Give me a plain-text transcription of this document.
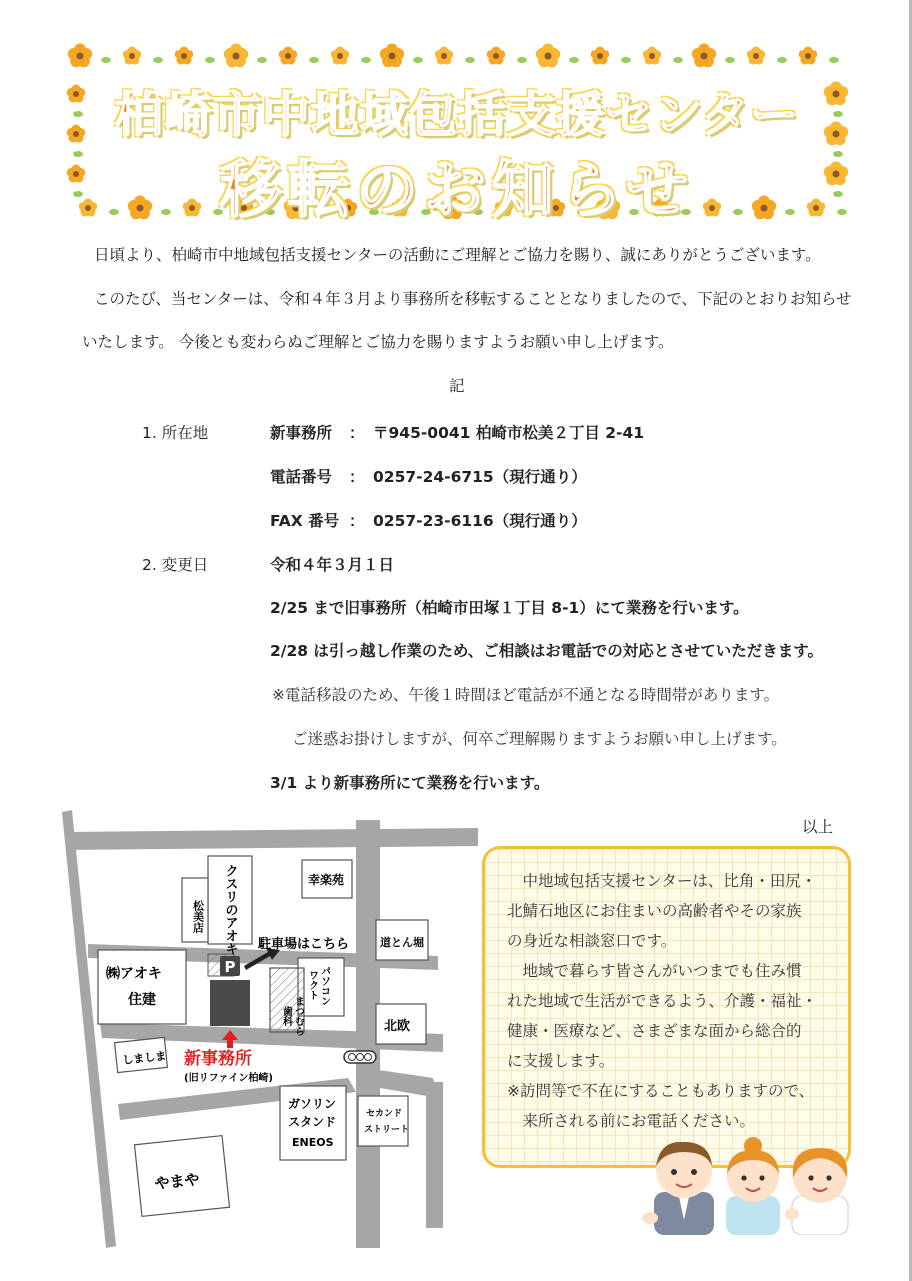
柏崎市中地域包括支援センター
移転のお知らせ
日頃より、柏崎市中地域包括支援センターの活動にご理解とご協力を賜り、誠にありがとうございます。
このたび、当センターは、令和４年３月より事務所を移転することとなりましたので、下記のとおりお知らせ
いたします。 今後とも変わらぬご理解とご協力を賜りますようお願い申し上げます。
記
1. 所在地	新事務所 ： 〒945-0041 柏崎市松美２丁目 2-41
電話番号 ： 0257-24-6715（現行通り）
FAX 番号 ： 0257-23-6116（現行通り）
2. 変更日	令和４年３月１日
2/25 まで旧事務所（柏崎市田塚１丁目 8-1）にて業務を行います。
2/28 は引っ越し作業のため、ご相談はお電話での対応とさせていただきます。
※電話移設のため、午後１時間ほど電話が不通となる時間帯があります。
ご迷惑お掛けしますが、何卒ご理解賜りますようお願い申し上げます。
3/1 より新事務所にて業務を行います。
以上
P
クスリのアオキ
松美店
幸楽苑
駐車場はこちら	道とん堀
㈱アオキ
住建	パソコン
ワクト
まつむら
歯科
北欧
しましま 新事務所
(旧リファイン柏崎)
ガソリン
スタンド
ENEOS
セカンド
ストリート
やまや
　中地域包括支援センターは、比角・田尻・
北鯖石地区にお住まいの高齢者やその家族
の身近な相談窓口です。
　地域で暮らす皆さんがいつまでも住み慣
れた地域で生活ができるよう、介護・福祉・
健康・医療など、さまざまな面から総合的
に支援します。
※訪問等で不在にすることもありますので、
　来所される前にお電話ください。
